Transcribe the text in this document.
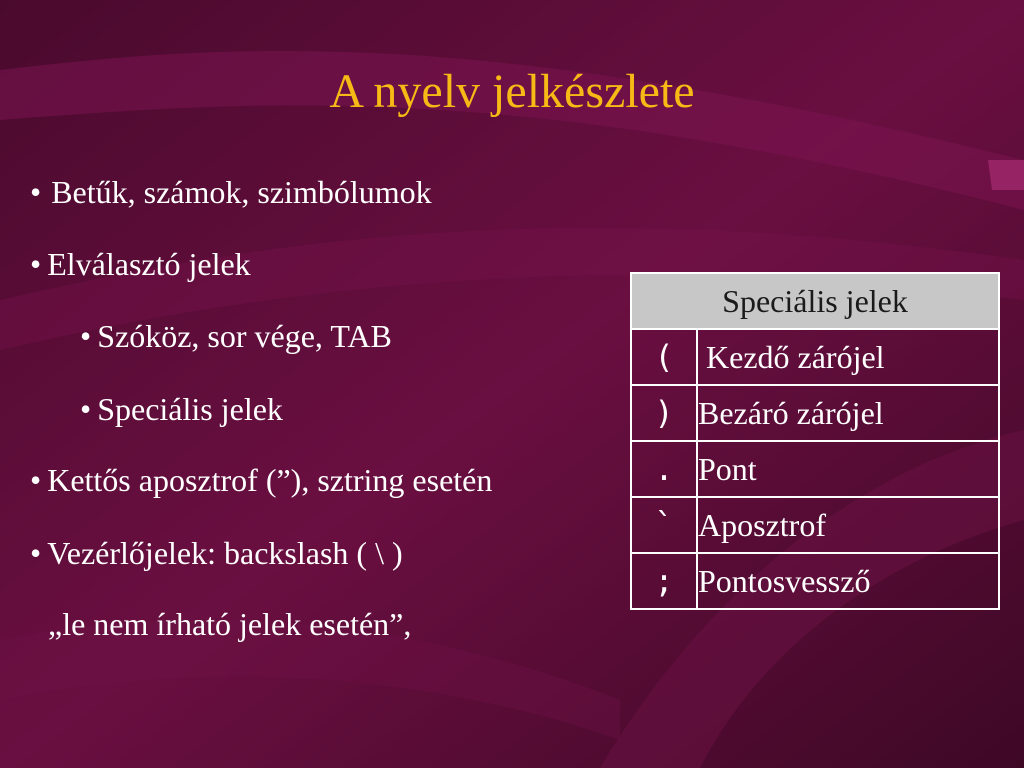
A nyelv jelkészlete
• Betűk, számok, szimbólumok
• Elválasztó jelek
• Szóköz, sor vége, TAB
• Speciális jelek
• Kettős aposztrof (”), sztring esetén
• Vezérlőjelek: backslash ( \ )
„le nem írható jelek esetén”,
Speciális jelek	
(	Kezdő zárójel
)	Bezáró zárójel
.	Pont
`	Aposztrof
;	Pontosvessző
